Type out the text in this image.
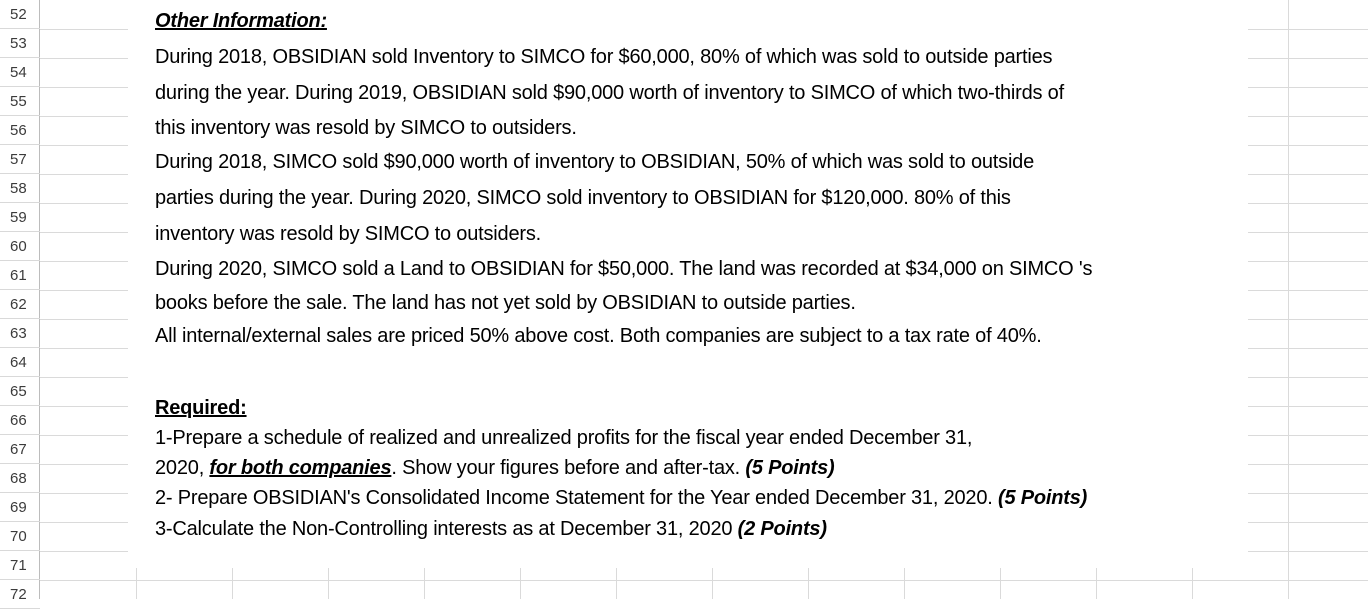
52
53
54
55
56
57
58
59
60
61
62
63
64
65
66
67
68
69
70
71
72
Other Information:
During 2018, OBSIDIAN sold Inventory to SIMCO for $60,000, 80% of which was sold to outside parties
during the year. During 2019, OBSIDIAN sold $90,000 worth of inventory to SIMCO of which two-thirds of
this inventory was resold by SIMCO to outsiders.
During 2018, SIMCO sold $90,000 worth of inventory to OBSIDIAN, 50% of which was sold to outside
parties during the year. During 2020, SIMCO sold inventory to OBSIDIAN for $120,000. 80% of this
inventory was resold by SIMCO to outsiders.
During 2020, SIMCO sold a Land to OBSIDIAN for $50,000. The land was recorded at $34,000 on SIMCO 's
books before the sale. The land has not yet sold by OBSIDIAN to outside parties.
All internal/external sales are priced 50% above cost. Both companies are subject to a tax rate of 40%.
Required:
1-Prepare a schedule of realized and unrealized profits for the fiscal year ended December 31,
2020, for both companies. Show your figures before and after-tax. (5 Points)
2- Prepare OBSIDIAN's Consolidated Income Statement for the Year ended December 31, 2020. (5 Points)
3-Calculate the Non-Controlling interests as at December 31, 2020 (2 Points)
